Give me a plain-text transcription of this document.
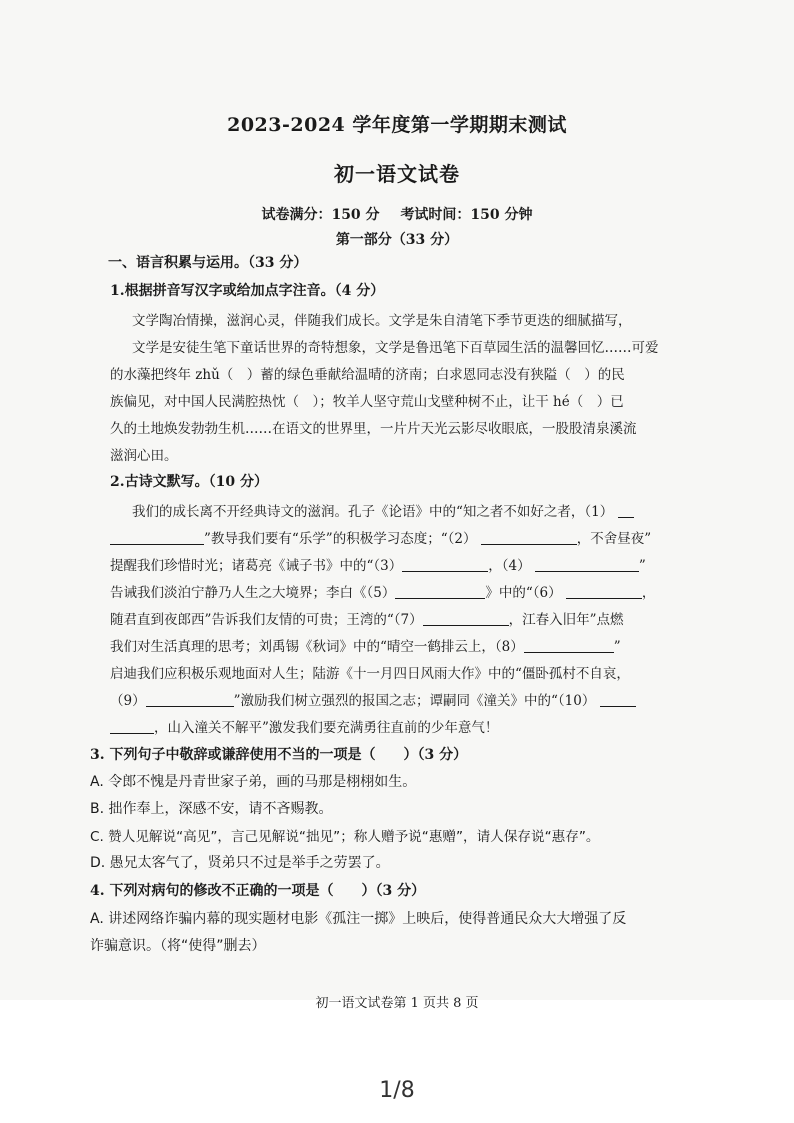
2023-2024 学年度第一学期期末测试
初一语文试卷
试卷满分：150 分 考试时间：150 分钟
第一部分（33 分）
一、语言积累与运用。（33 分）
1.根据拼音写汉字或给加点字注音。（4 分）
文学陶冶情操，滋润心灵，伴随我们成长。文学是朱自清笔下季节更迭的细腻描写，
文学是安徒生笔下童话世界的奇特想象，文学是鲁迅笔下百草园生活的温馨回忆……可爱
的水藻把终年 zhǔ（　）蓄的绿色垂献给温晴的济南；白求恩同志没有狭隘（　）的民
族偏见，对中国人民满腔热忱（　）；牧羊人坚守荒山戈壁种树不止，让干 hé（　）已
久的土地焕发勃勃生机……在语文的世界里，一片片天光云影尽收眼底，一股股清泉溪流
滋润心田。
2.古诗文默写。（10 分）
我们的成长离不开经典诗文的滋润。孔子《论语》中的“知之者不如好之者，（1）
”教导我们要有“乐学”的积极学习态度；“（2）	，不舍昼夜”
提醒我们珍惜时光；诸葛亮《诫子书》中的“（3）	，（4）	”
告诫我们淡泊宁静乃人生之大境界；李白《（5）	》中的“（6）	，
随君直到夜郎西”告诉我们友情的可贵；王湾的“（7）	，江春入旧年”点燃
我们对生活真理的思考；刘禹锡《秋词》中的“晴空一鹤排云上，（8）	”
启迪我们应积极乐观地面对人生；陆游《十一月四日风雨大作》中的“僵卧孤村不自哀，
（9）	”激励我们树立强烈的报国之志；谭嗣同《潼关》中的“（10）
，山入潼关不解平”激发我们要充满勇往直前的少年意气！
3. 下列句子中敬辞或谦辞使用不当的一项是（　　）（3 分）
A. 令郎不愧是丹青世家子弟，画的马那是栩栩如生。
B. 拙作奉上，深感不安，请不吝赐教。
C. 赞人见解说“高见”，言己见解说“拙见”；称人赠予说“惠赠”，请人保存说“惠存”。
D. 愚兄太客气了，贤弟只不过是举手之劳罢了。
4. 下列对病句的修改不正确的一项是（　　）（3 分）
A. 讲述网络诈骗内幕的现实题材电影《孤注一掷》上映后，使得普通民众大大增强了反
诈骗意识。（将“使得”删去）
初一语文试卷第 1 页共 8 页
1/8
